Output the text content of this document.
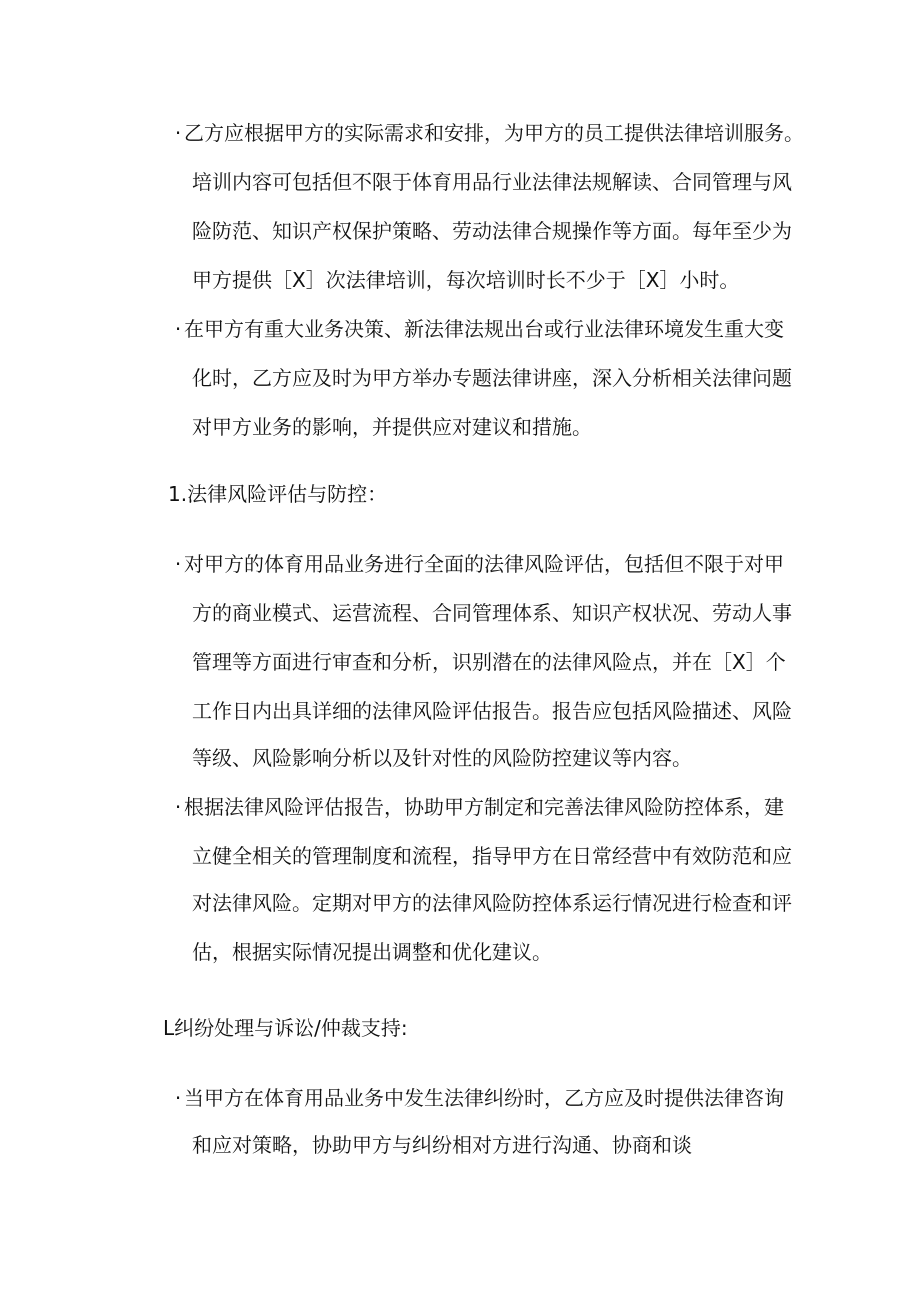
· 乙方应根据甲方的实际需求和安排，为甲方的员工提供法律培训服务。
培训内容可包括但不限于体育用品行业法律法规解读、合同管理与风
险防范、知识产权保护策略、劳动法律合规操作等方面。每年至少为
甲方提供［X］次法律培训，每次培训时长不少于［X］小时。
· 在甲方有重大业务决策、新法律法规出台或行业法律环境发生重大变
化时，乙方应及时为甲方举办专题法律讲座，深入分析相关法律问题
对甲方业务的影响，并提供应对建议和措施。
1.法律风险评估与防控：
· 对甲方的体育用品业务进行全面的法律风险评估，包括但不限于对甲
方的商业模式、运营流程、合同管理体系、知识产权状况、劳动人事
管理等方面进行审查和分析，识别潜在的法律风险点，并在［X］个
工作日内出具详细的法律风险评估报告。报告应包括风险描述、风险
等级、风险影响分析以及针对性的风险防控建议等内容。
· 根据法律风险评估报告，协助甲方制定和完善法律风险防控体系，建
立健全相关的管理制度和流程，指导甲方在日常经营中有效防范和应
对法律风险。定期对甲方的法律风险防控体系运行情况进行检查和评
估，根据实际情况提出调整和优化建议。
L纠纷处理与诉讼/仲裁支持:
· 当甲方在体育用品业务中发生法律纠纷时，乙方应及时提供法律咨询
和应对策略，协助甲方与纠纷相对方进行沟通、协商和谈
